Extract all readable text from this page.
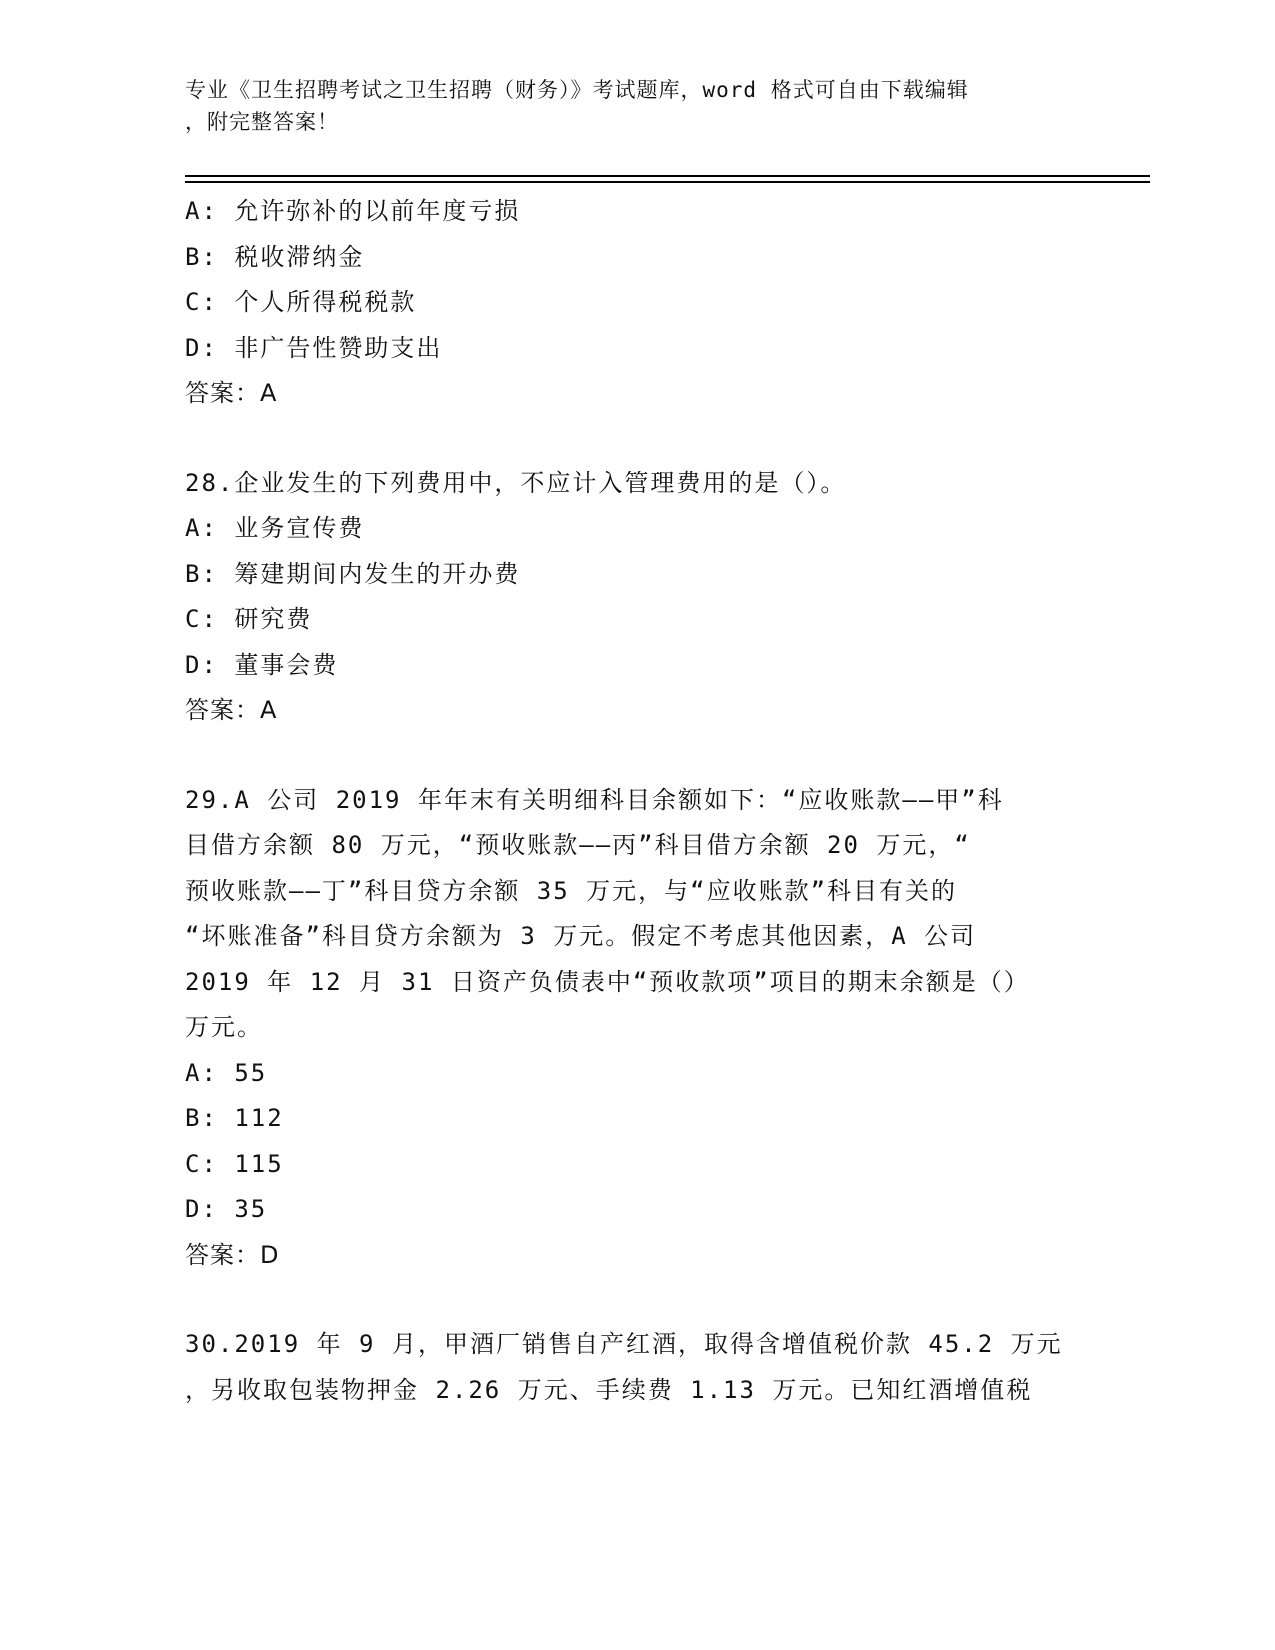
专业《卫生招聘考试之卫生招聘（财务）》考试题库，word 格式可自由下载编辑
，附完整答案！
A: 允许弥补的以前年度亏损
B: 税收滞纳金
C: 个人所得税税款
D: 非广告性赞助支出
答案：A
28.企业发生的下列费用中，不应计入管理费用的是（）。
A: 业务宣传费
B: 筹建期间内发生的开办费
C: 研究费
D: 董事会费
答案：A
29.A 公司 2019 年年末有关明细科目余额如下：“应收账款——甲”科
目借方余额 80 万元，“预收账款——丙”科目借方余额 20 万元，“
预收账款——丁”科目贷方余额 35 万元，与“应收账款”科目有关的
“坏账准备”科目贷方余额为 3 万元。假定不考虑其他因素，A 公司
2019 年 12 月 31 日资产负债表中“预收款项”项目的期末余额是（）
万元。
A: 55
B: 112
C: 115
D: 35
答案：D
30.2019 年 9 月，甲酒厂销售自产红酒，取得含增值税价款 45.2 万元
，另收取包装物押金 2.26 万元、手续费 1.13 万元。已知红酒增值税
